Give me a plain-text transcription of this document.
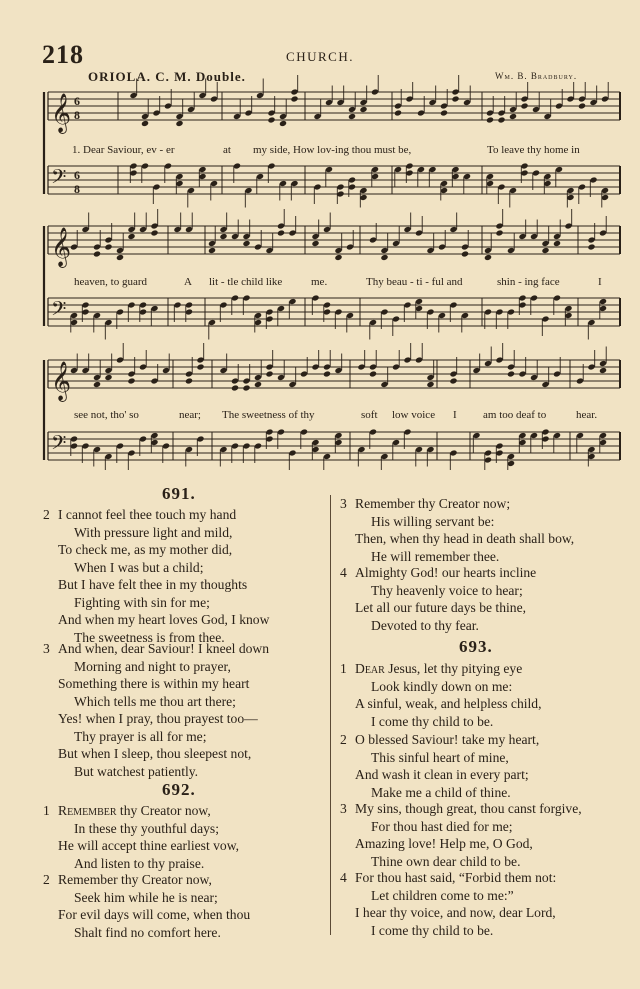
218	CHURCH.
ORIOLA. C. M. Double.	Wm. B. Bradbury.
𝄞 6
8
𝄢 6
8
𝄞
𝄢
𝄞
𝄢
1. Dear Saviour, ev - er	at my side, How lov-ing thou must be,	To leave thy home in
heaven, to guard	A lit - tle child like	me.	Thy beau - ti - ful and	shin - ing face	I
see not, tho' so	near; The sweetness of thy	soft low voice I am too deaf to	hear.
691.
2 I cannot feel thee touch my hand
With pressure light and mild,
To check me, as my mother did,
When I was but a child;
But I have felt thee in my thoughts
Fighting with sin for me;
And when my heart loves God, I know
The sweetness is from thee.
3 And when, dear Saviour! I kneel down
Morning and night to prayer,
Something there is within my heart
Which tells me thou art there;
Yes! when I pray, thou prayest too—
Thy prayer is all for me;
But when I sleep, thou sleepest not,
But watchest patiently.
692.
1 Remember thy Creator now,
In these thy youthful days;
He will accept thine earliest vow,
And listen to thy praise.
2 Remember thy Creator now,
Seek him while he is near;
For evil days will come, when thou
Shalt find no comfort here.
3 Remember thy Creator now;
His willing servant be:
Then, when thy head in death shall bow,
He will remember thee.
4 Almighty God! our hearts incline
Thy heavenly voice to hear;
Let all our future days be thine,
Devoted to thy fear.
693.
1 Dear Jesus, let thy pitying eye
Look kindly down on me:
A sinful, weak, and helpless child,
I come thy child to be.
2 O blessed Saviour! take my heart,
This sinful heart of mine,
And wash it clean in every part;
Make me a child of thine.
3 My sins, though great, thou canst forgive,
For thou hast died for me;
Amazing love! Help me, O God,
Thine own dear child to be.
4 For thou hast said, “Forbid them not:
Let children come to me:”
I hear thy voice, and now, dear Lord,
I come thy child to be.
